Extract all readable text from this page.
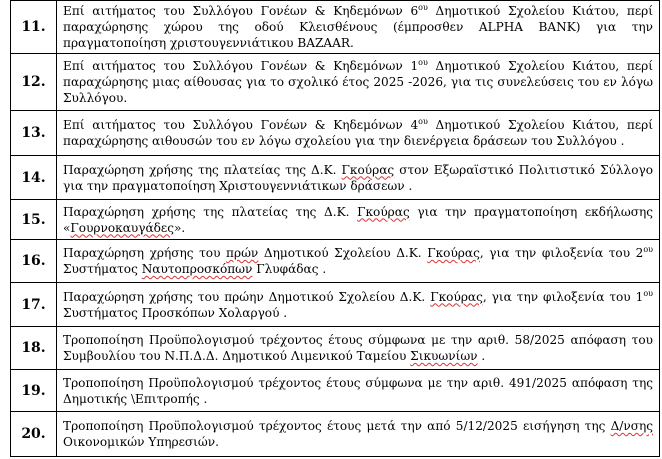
11.	Επί αιτήματος του Συλλόγου Γονέων & Κηδεμόνων $6^{o\upsilon}$ Δημοτικού Σχολείου Κιάτου, περί παραχώρησης χώρου της οδού Κλεισθένους (έμπροσθεν ALPHA BANK) για την πραγματοποίηση χριστουγεννιάτικου BAZAAR.
12.	Επί αιτήματος του Συλλόγου Γονέων & Κηδεμόνων $1^{o\upsilon}$ Δημοτικού Σχολείου Κιάτου, περί παραχώρησης μιας αίθουσας για το σχολικό έτος 2025 -2026, για τις συνελεύσεις του εν λόγω Συλλόγου.
13.	Επί αιτήματος του Συλλόγου Γονέων & Κηδεμόνων $4^{o\upsilon}$ Δημοτικού Σχολείου Κιάτου, περί παραχώρησης αιθουσών του εν λόγω σχολείου για την διενέργεια δράσεων του Συλλόγου .
14.	Παραχώρηση χρήσης της πλατείας της Δ.Κ. Γκούρας στον Εξωραϊστικό Πολιτιστικό Σύλλογο για την πραγματοποίηση Χριστουγεννιάτικων δράσεων .
15.	Παραχώρηση χρήσης της πλατείας της Δ.Κ. Γκούρας για την πραγματοποίηση εκδήλωσης «Γουρνοκαυγάδες».
16.	Παραχώρηση χρήσης του πρών Δημοτικού Σχολείου Δ.Κ. Γκούρας, για την φιλοξενία του $2^{o\upsilon}$ Συστήματος Ναυτοπροσκόπων Γλυφάδας .
17.	Παραχώρηση χρήσης του πρώην Δημοτικού Σχολείου Δ.Κ. Γκούρας, για την φιλοξενία του $1^{o\upsilon}$ Συστήματος Προσκόπων Χολαργού .
18.	Τροποποίηση Προϋπολογισμού τρέχοντος έτους σύμφωνα με την αριθ. 58/2025 απόφαση του Συμβουλίου του Ν.Π.Δ.Δ. Δημοτικού Λιμενικού Ταμείου Σικυωνίων .
19.	Τροποποίηση Προϋπολογισμού τρέχοντος έτους σύμφωνα με την αριθ. 491/2025 απόφαση της Δημοτικής \Επιτροπής .
20.	Τροποποίηση Προϋπολογισμού τρέχοντος έτους μετά την από 5/12/2025 εισήγηση της Δ/νσης Οικονομικών Υπηρεσιών.
